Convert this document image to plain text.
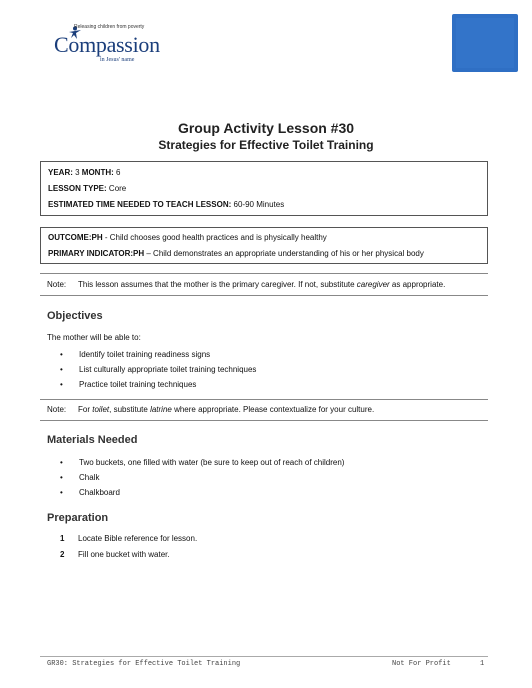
Releasing children from poverty
Compassion
in Jesus' name
Group Activity Lesson #30
Strategies for Effective Toilet Training
YEAR: 3 MONTH: 6
LESSON TYPE: Core
ESTIMATED TIME NEEDED TO TEACH LESSON: 60-90 Minutes
OUTCOME:PH - Child chooses good health practices and is physically healthy
PRIMARY INDICATOR:PH – Child demonstrates an appropriate understanding of his or her physical body
Note: This lesson assumes that the mother is the primary caregiver. If not, substitute caregiver as appropriate.
Objectives
The mother will be able to:
• Identify toilet training readiness signs
• List culturally appropriate toilet training techniques
• Practice toilet training techniques
Note: For toilet, substitute latrine where appropriate. Please contextualize for your culture.
Materials Needed
• Two buckets, one filled with water (be sure to keep out of reach of children)
• Chalk
• Chalkboard
Preparation
1 Locate Bible reference for lesson.
2 Fill one bucket with water.
GR30: Strategies for Effective Toilet Training	Not For Profit	1
